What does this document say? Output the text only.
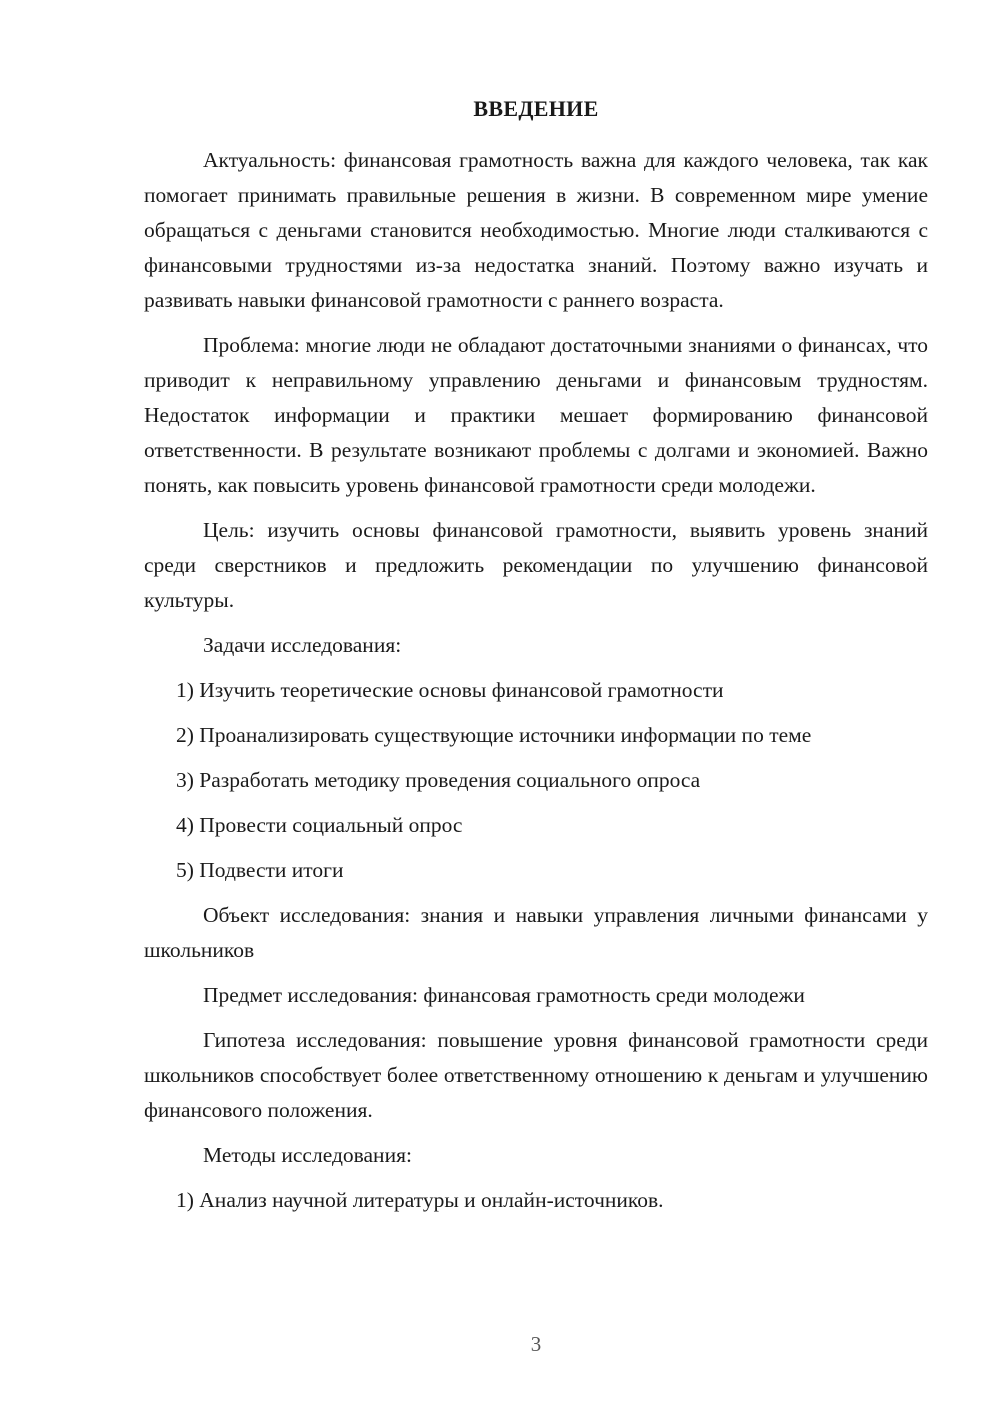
ВВЕДЕНИЕ

Актуальность: финансовая грамотность важна для каждого человека, так как помогает принимать правильные решения в жизни. В современном мире умение обращаться с деньгами становится необходимостью. Многие люди сталкиваются с финансовыми трудностями из-за недостатка знаний. Поэтому важно изучать и развивать навыки финансовой грамотности с раннего возраста.

Проблема: многие люди не обладают достаточными знаниями о финансах, что приводит к неправильному управлению деньгами и финансовым трудностям. Недостаток информации и практики мешает формированию финансовой ответственности. В результате возникают проблемы с долгами и экономией. Важно понять, как повысить уровень финансовой грамотности среди молодежи.

Цель: изучить основы финансовой грамотности, выявить уровень знаний среди сверстников и предложить рекомендации по улучшению финансовой культуры.

Задачи исследования:

1) Изучить теоретические основы финансовой грамотности

2) Проанализировать существующие источники информации по теме

3) Разработать методику проведения социального опроса

4) Провести социальный опрос

5) Подвести итоги

Объект исследования: знания и навыки управления личными финансами у школьников

Предмет исследования: финансовая грамотность среди молодежи

Гипотеза исследования: повышение уровня финансовой грамотности среди школьников способствует более ответственному отношению к деньгам и улучшению финансового положения.

Методы исследования:

1) Анализ научной литературы и онлайн-источников.

3
